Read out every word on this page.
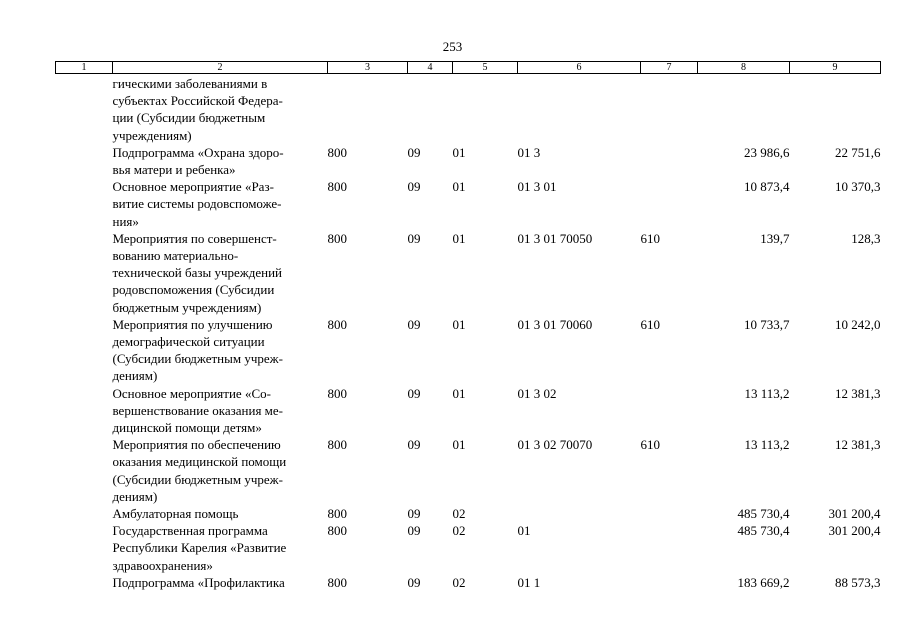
253
1	2	3	4	5	6	7	8	9

	гическими заболеваниями в
субъектах Российской Федера-
ции (Субсидии бюджетным
учреждениям)							

	Подпрограмма «Охрана здоро-
вья матери и ребенка»	800	09	01	01 3		23 986,6	22 751,6

	Основное мероприятие «Раз-
витие системы родовспоможе-
ния»	800	09	01	01 3 01		10 873,4	10 370,3

	Мероприятия по совершенст-
вованию материально-
технической базы учреждений
родовспоможения (Субсидии
бюджетным учреждениям)	800	09	01	01 3 01 70050	610	139,7	128,3

	Мероприятия по улучшению
демографической ситуации
(Субсидии бюджетным учреж-
дениям)	800	09	01	01 3 01 70060	610	10 733,7	10 242,0

	Основное мероприятие «Со-
вершенствование оказания ме-
дицинской помощи детям»	800	09	01	01 3 02		13 113,2	12 381,3

	Мероприятия по обеспечению
оказания медицинской помощи
(Субсидии бюджетным учреж-
дениям)	800	09	01	01 3 02 70070	610	13 113,2	12 381,3

	Амбулаторная помощь	800	09	02			485 730,4	301 200,4

	Государственная программа
Республики Карелия «Развитие
здравоохранения»	800	09	02	01		485 730,4	301 200,4

	Подпрограмма «Профилактика	800	09	02	01 1		183 669,2	88 573,3
